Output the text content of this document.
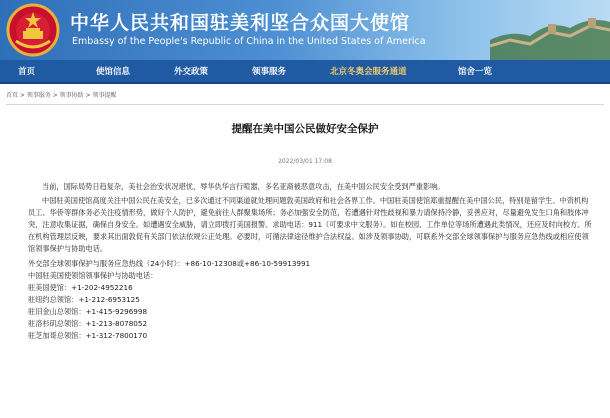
中华人民共和国驻美利坚合众国大使馆
Embassy of the People's Republic of China in the United States of America
首页	使馆信息	外交政策	领事服务	北京冬奥会服务通道	馆舍一览
首页 > 领事服务 > 领事协助 > 领事提醒
提醒在美中国公民做好安全保护
2022/03/01 17:08

当前，国际局势日趋复杂，美社会治安状况堪忧，辱华仇华言行喧嚣，多名亚裔被恶意攻击，在美中国公民安全受到严重影响。

中国驻美国使馆高度关注中国公民在美安全，已多次通过不同渠道就处理问题敦美国政府和社会各界工作。中国驻美国使馆郑重提醒在美中国公民，特别是留学生、中资机构员工、华侨等群体务必关注疫情形势，做好个人防护，避免前往人群聚集场所；务必加强安全防范，若遭遇针对性歧视和暴力请保持冷静，妥善应对，尽量避免发生口角和肢体冲突，注意收集证据，确保自身安全。如遭遇安全威胁，请立即拨打美国报警、求助电话：911（可要求中文服务）。如在校园、工作单位等场所遭遇此类情况，还应及时向校方、所在机构管理层反映，要求其出面敦促有关部门依法依规公正处理。必要时，可循法律途径维护合法权益。如涉及领事协助，可联系外交部全球领事保护与服务应急热线或相应使领馆领事保护与协助电话。

外交部全球领事保护与服务应急热线（24小时）：+86-10-12308或+86-10-59913991
中国驻美国使领馆领事保护与协助电话：
驻美国使馆：+1-202-4952216
驻纽约总领馆：+1-212-6953125
驻旧金山总领馆：+1-415-9296998
驻洛杉矶总领馆：+1-213-8078052
驻芝加哥总领馆：+1-312-7800170
